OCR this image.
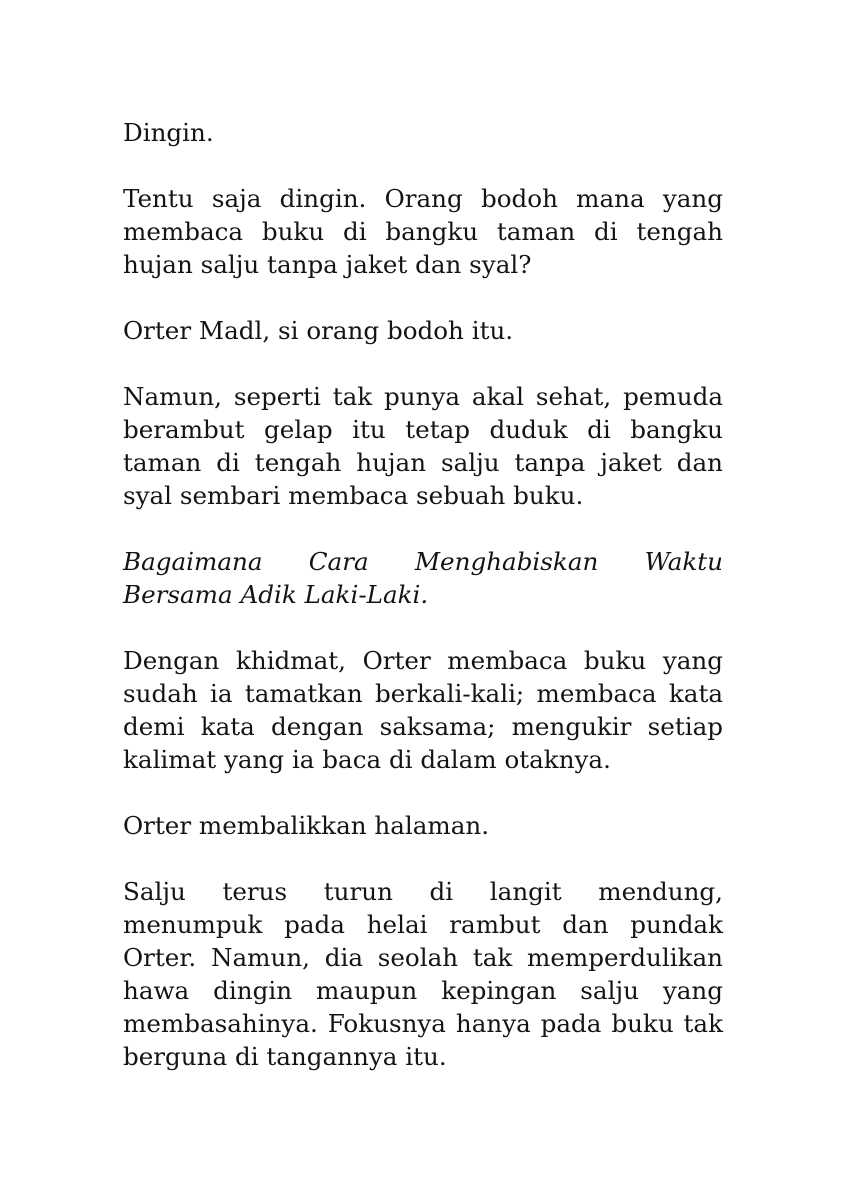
Dingin.

Tentu saja dingin. Orang bodoh mana yang membaca buku di bangku taman di tengah hujan salju tanpa jaket dan syal?

Orter Madl, si orang bodoh itu.

Namun, seperti tak punya akal sehat, pemuda berambut gelap itu tetap duduk di bangku taman di tengah hujan salju tanpa jaket dan syal sembari membaca sebuah buku.

Bagaimana Cara Menghabiskan Waktu Bersama Adik Laki-Laki.

Dengan khidmat, Orter membaca buku yang sudah ia tamatkan berkali-kali; membaca kata demi kata dengan saksama; mengukir setiap kalimat yang ia baca di dalam otaknya.

Orter membalikkan halaman.

Salju terus turun di langit mendung, menumpuk pada helai rambut dan pundak Orter. Namun, dia seolah tak memperdulikan hawa dingin maupun kepingan salju yang membasahinya. Fokusnya hanya pada buku tak berguna di tangannya itu.
